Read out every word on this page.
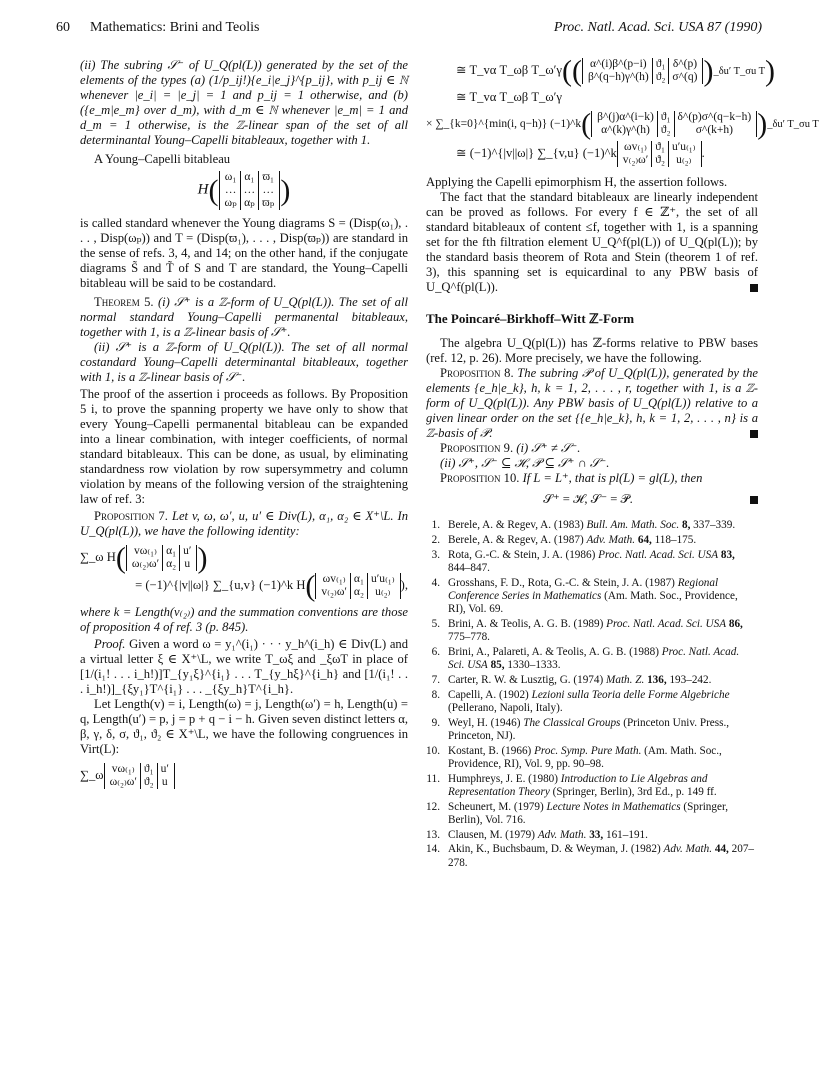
60 Mathematics: Brini and Teolis	Proc. Natl. Acad. Sci. USA 87 (1990)

(ii) The subring 𝒮⁻ of U_Q(pl(L)) generated by the set of the elements of the types (a) (1/p_ij!){e_i|e_j}^{p_ij}, with p_ij ∈ ℕ whenever |e_i| = |e_j| = 1 and p_ij = 1 otherwise, and (b) ({e_m|e_m} over d_m), with d_m ∈ ℕ whenever |e_m| = 1 and d_m = 1 otherwise, is the ℤ-linear span of the set of all determinantal Young–Capelli bitableaux, together with 1.

A Young–Capelli bitableau

H( ω₁	α₁	ϖ₁
…	…	…
ωₚ	αₚ	ϖₚ )

is called standard whenever the Young diagrams S = (Disp(ω₁), . . . , Disp(ωₚ)) and T = (Disp(ϖ₁), . . . , Disp(ϖₚ)) are standard in the sense of refs. 3, 4, and 14; on the other hand, if the conjugate diagrams S̃ and T̃ of S and T are standard, the Young–Capelli bitableau will be said to be costandard.

Theorem 5. (i) 𝒮⁺ is a ℤ-form of U_Q(pl(L)). The set of all normal standard Young–Capelli permanental bitableaux, together with 1, is a ℤ-linear basis of 𝒮⁺.

(ii) 𝒮⁺ is a ℤ-form of U_Q(pl(L)). The set of all normal costandard Young–Capelli determinantal bitableaux, together with 1, is a ℤ-linear basis of 𝒮⁻.

The proof of the assertion i proceeds as follows. By Proposition 5 i, to prove the spanning property we have only to show that every Young–Capelli permanental bitableau can be expanded into a linear combination, with integer coefficients, of normal standard bitableaux. This can be done, as usual, by eliminating standardness row violation by row supersymmetry and column violation by means of the following version of the straightening law of ref. 3:

Proposition 7. Let v, ω, ω′, u, u′ ∈ Div(L), α₁, α₂ ∈ X⁺\L. In U_Q(pl(L)), we have the following identity:

∑_ω H( vω₍₁₎	α₁	u′
ω₍₂₎ω′	α₂	u )
= (−1)^{|v||ω|} ∑_{u,v} (−1)^k H( ωv₍₁₎	α₁	u′u₍₁₎
v₍₂₎ω′	α₂	u₍₂₎),

where k = Length(v₍₂₎) and the summation conventions are those of proposition 4 of ref. 3 (p. 845).

Proof. Given a word ω = y₁^(i₁) · · · y_h^(i_h) ∈ Div(L) and a virtual letter ξ ∈ X⁺\L, we write T_ωξ and _ξωT in place of [1/(i₁! . . . i_h!)]T_{y₁ξ}^{i₁} . . . T_{y_hξ}^{i_h} and [1/(i₁! . . . i_h!)]_{ξy₁}T^{i₁} . . . _{ξy_h}T^{i_h}.

Let Length(v) = i, Length(ω) = j, Length(ω′) = h, Length(u) = q, Length(u′) = p, j = p + q − i − h. Given seven distinct letters α, β, γ, δ, σ, ϑ₁, ϑ₂ ∈ X⁺\L, we have the following congruences in Virt(L):

∑_ω vω₍₁₎	ϑ₁	u′
ω₍₂₎ω′	ϑ₂	u
≅ T_vα T_ωβ T_ω′γ(( α^(i)β^(p−i)	ϑ₁	δ^(p)
β^(q−h)γ^(h)	ϑ₂	σ^(q) )_δu′ T_σu T)
≅ T_vα T_ωβ T_ω′γ
× ∑_{k=0}^{min(i, q−h)} (−1)^k( β^(j)α^(i−k)	ϑ₁	δ^(p)σ^(q−k−h)
α^(k)γ^(h)	ϑ₂	σ^(k+h) )_δu′ T_σu T
≅ (−1)^{|v||ω|} ∑_{v,u} (−1)^k ωv₍₁₎	ϑ₁	u′u₍₁₎
v₍₂₎ω′	ϑ₂	u₍₂₎.

Applying the Capelli epimorphism H, the assertion follows.

The fact that the standard bitableaux are linearly independent can be proved as follows. For every f ∈ ℤ⁺, the set of all standard bitableaux of content ≤f, together with 1, is a spanning set for the fth filtration element U_Q^f(pl(L)) of U_Q(pl(L)); by the standard basis theorem of Rota and Stein (theorem 1 of ref. 3), this spanning set is equicardinal to any PBW basis of U_Q^f(pl(L)).

The Poincaré–Birkhoff–Witt ℤ-Form

The algebra U_Q(pl(L)) has ℤ-forms relative to PBW bases (ref. 12, p. 26). More precisely, we have the following.

Proposition 8. The subring 𝒫 of U_Q(pl(L)), generated by the elements {e_h|e_k}, h, k = 1, 2, . . . , r, together with 1, is a ℤ-form of U_Q(pl(L)). Any PBW basis of U_Q(pl(L)) relative to a given linear order on the set {{e_h|e_k}, h, k = 1, 2, . . . , n} is a ℤ-basis of 𝒫.

Proposition 9. (i) 𝒮⁺ ≠ 𝒮⁻.

(ii) 𝒮⁺, 𝒮⁻ ⊆ ℋ, 𝒫 ⊆ 𝒮⁺ ∩ 𝒮⁻.

Proposition 10. If L = L⁺, that is pl(L) = gl(L), then

𝒮⁺ = ℋ, 𝒮⁻ = 𝒫.

1. Berele, A. & Regev, A. (1983) Bull. Am. Math. Soc. 8, 337–339.
2. Berele, A. & Regev, A. (1987) Adv. Math. 64, 118–175.
3. Rota, G.-C. & Stein, J. A. (1986) Proc. Natl. Acad. Sci. USA 83, 844–847.
4. Grosshans, F. D., Rota, G.-C. & Stein, J. A. (1987) Regional Conference Series in Mathematics (Am. Math. Soc., Providence, RI), Vol. 69.
5. Brini, A. & Teolis, A. G. B. (1989) Proc. Natl. Acad. Sci. USA 86, 775–778.
6. Brini, A., Palareti, A. & Teolis, A. G. B. (1988) Proc. Natl. Acad. Sci. USA 85, 1330–1333.
7. Carter, R. W. & Lusztig, G. (1974) Math. Z. 136, 193–242.
8. Capelli, A. (1902) Lezioni sulla Teoria delle Forme Algebriche (Pellerano, Napoli, Italy).
9. Weyl, H. (1946) The Classical Groups (Princeton Univ. Press., Princeton, NJ).
10. Kostant, B. (1966) Proc. Symp. Pure Math. (Am. Math. Soc., Providence, RI), Vol. 9, pp. 90–98.
11. Humphreys, J. E. (1980) Introduction to Lie Algebras and Representation Theory (Springer, Berlin), 3rd Ed., p. 149 ff.
12. Scheunert, M. (1979) Lecture Notes in Mathematics (Springer, Berlin), Vol. 716.
13. Clausen, M. (1979) Adv. Math. 33, 161–191.
14. Akin, K., Buchsbaum, D. & Weyman, J. (1982) Adv. Math. 44, 207–278.
